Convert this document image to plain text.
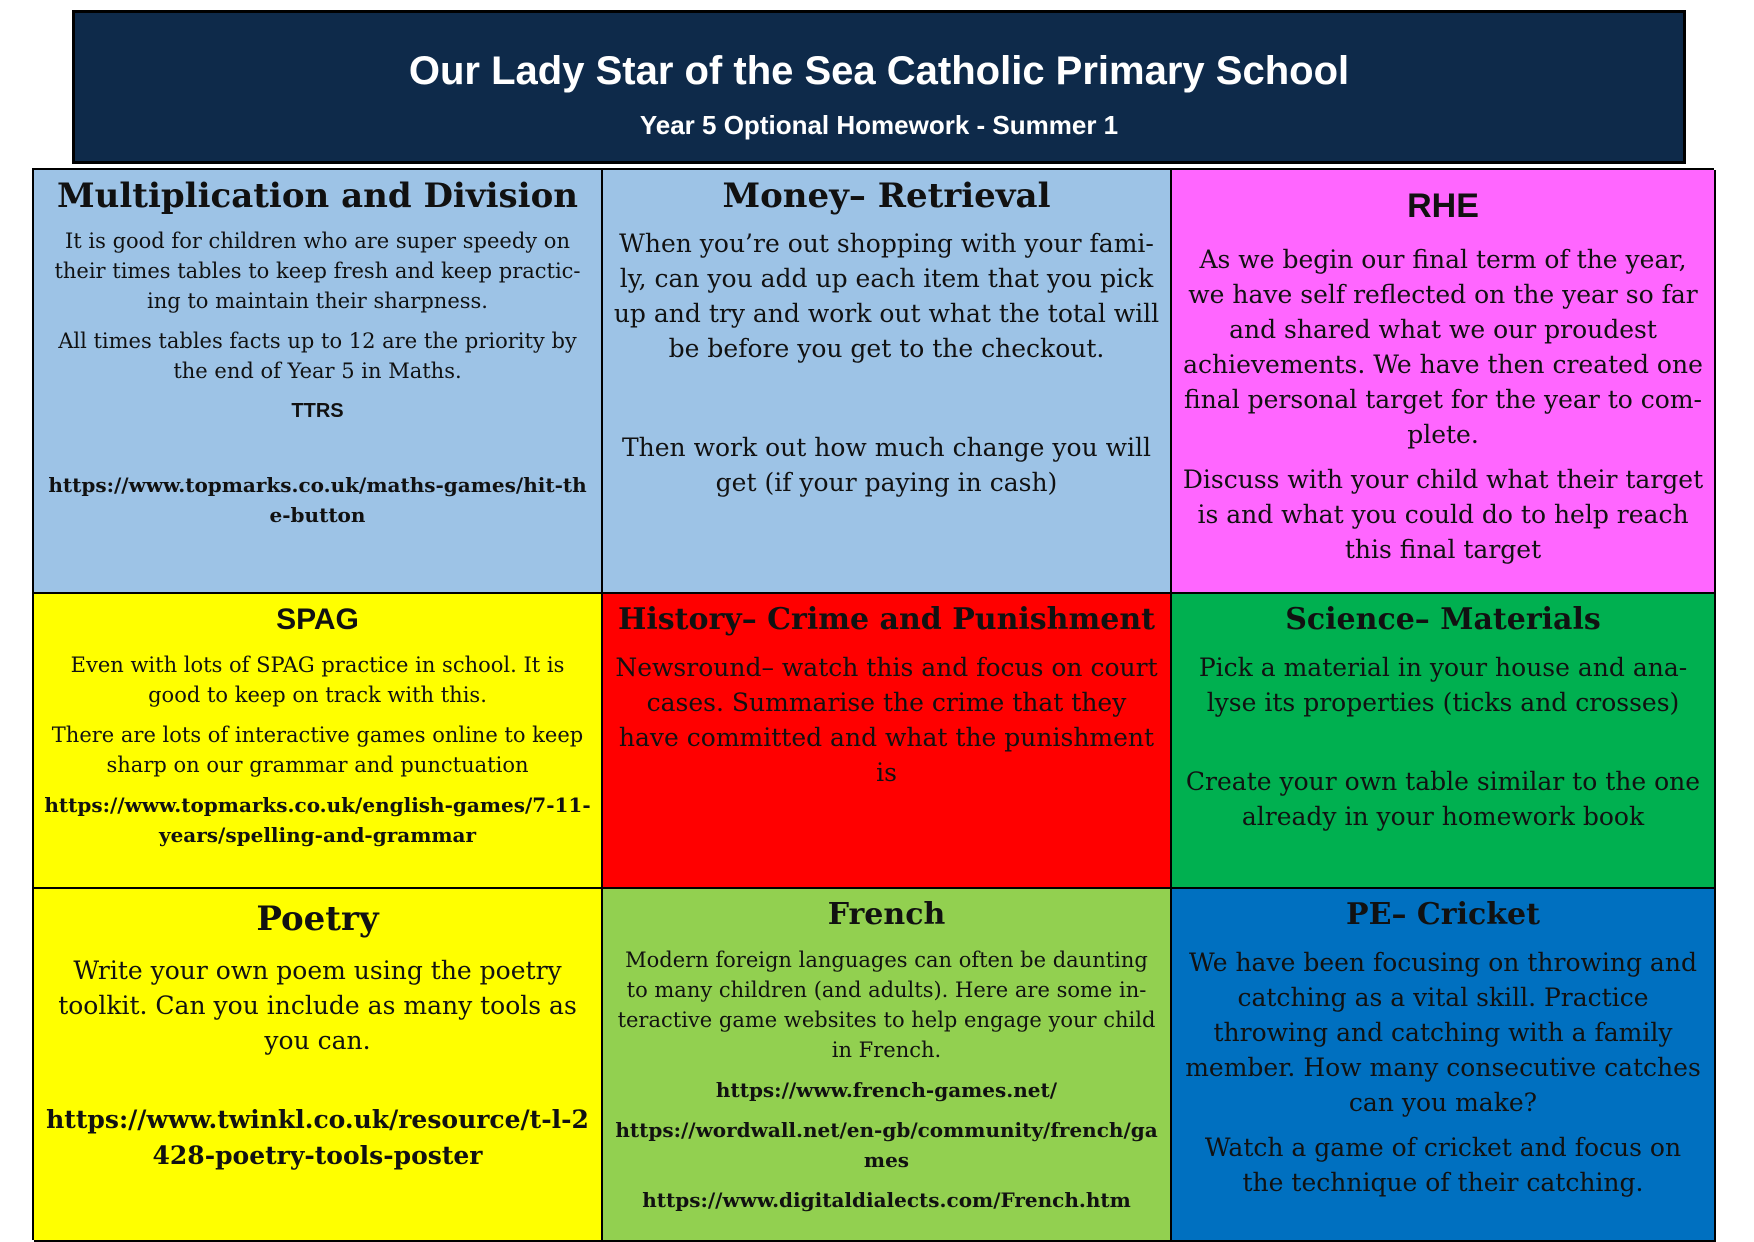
Our Lady Star of the Sea Catholic Primary School
Year 5 Optional Homework - Summer 1
Multiplication and Division

It is good for children who are super speedy on their times tables to keep fresh and keep practic-ing to maintain their sharpness.

All times tables facts up to 12 are the priority by the end of Year 5 in Maths.

TTRS

https://www.topmarks.co.uk/maths-games/hit-the-button

Money– Retrieval

When you’re out shopping with your fami-ly, can you add up each item that you pick up and try and work out what the total will be before you get to the checkout.

Then work out how much change you will get (if your paying in cash)

RHE

As we begin our final term of the year, we have self reflected on the year so far and shared what we our proudest achievements. We have then created one final personal target for the year to com-plete.

Discuss with your child what their target is and what you could do to help reach this final target

SPAG

Even with lots of SPAG practice in school. It is good to keep on track with this.

There are lots of interactive games online to keep sharp on our grammar and punctuation

https://www.topmarks.co.uk/english-games/7-11-years/spelling-and-grammar

History– Crime and Punishment

Newsround– watch this and focus on court cases. Summarise the crime that they have committed and what the punishment is

Science– Materials

Pick a material in your house and ana-lyse its properties (ticks and crosses)

Create your own table similar to the one already in your homework book

Poetry

Write your own poem using the poetry toolkit. Can you include as many tools as you can.

https://www.twinkl.co.uk/resource/t-l-2428-poetry-tools-poster

French

Modern foreign languages can often be daunting to many children (and adults). Here are some in-teractive game websites to help engage your child in French.

https://www.french-games.net/

https://wordwall.net/en-gb/community/french/games

https://www.digitaldialects.com/French.htm

PE– Cricket

We have been focusing on throwing and catching as a vital skill. Practice throwing and catching with a family member. How many consecutive catches can you make?

Watch a game of cricket and focus on the technique of their catching.
